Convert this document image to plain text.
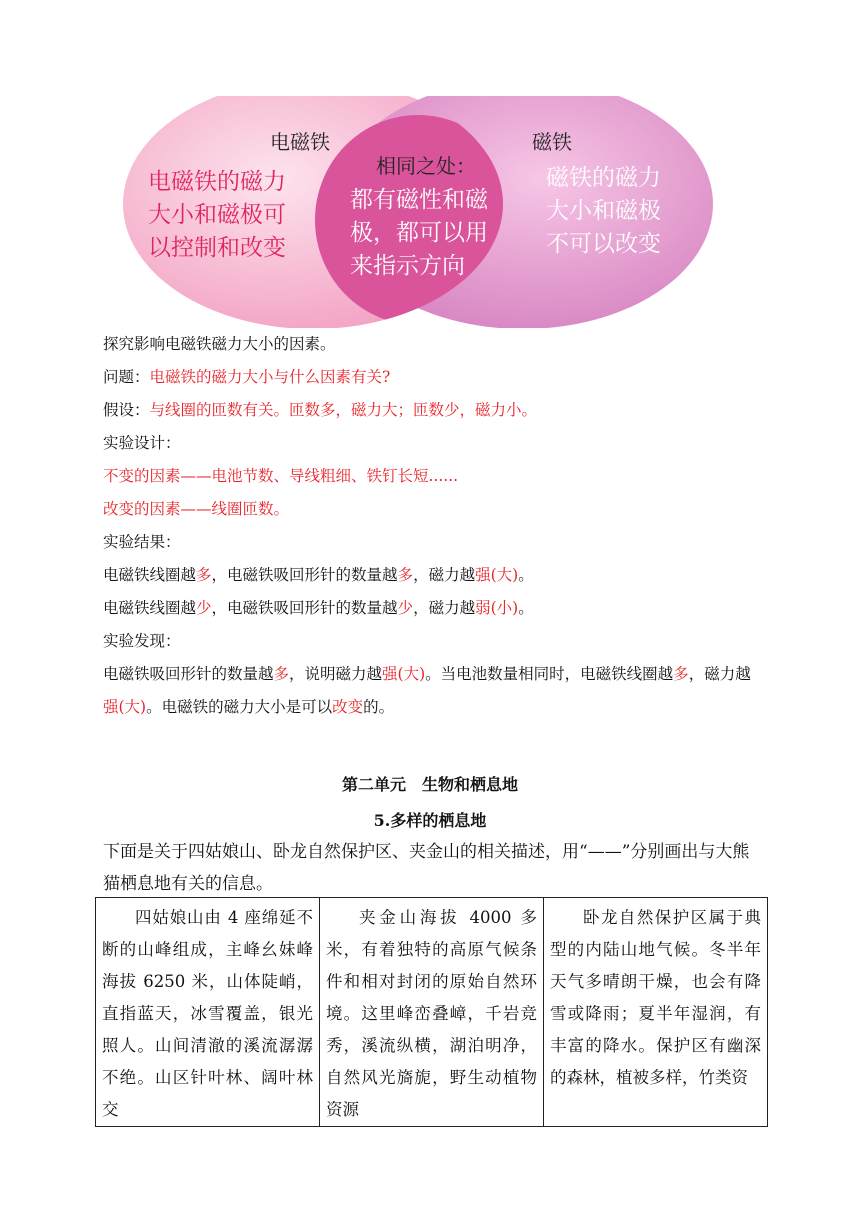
电磁铁
电磁铁的磁力
大小和磁极可
以控制和改变
相同之处：
都有磁性和磁
极，都可以用
来指示方向
磁铁
磁铁的磁力
大小和磁极
不可以改变
探究影响电磁铁磁力大小的因素。
问题：电磁铁的磁力大小与什么因素有关?
假设：与线圈的匝数有关。匝数多，磁力大；匝数少，磁力小。
实验设计：
不变的因素——电池节数、导线粗细、铁钉长短......
改变的因素——线圈匝数。
实验结果：
电磁铁线圈越多，电磁铁吸回形针的数量越多，磁力越强(大)。
电磁铁线圈越少，电磁铁吸回形针的数量越少，磁力越弱(小)。
实验发现：
电磁铁吸回形针的数量越多，说明磁力越强(大)。当电池数量相同时，电磁铁线圈越多，磁力越强(大)。电磁铁的磁力大小是可以改变的。
第二单元　生物和栖息地
5.多样的栖息地
下面是关于四姑娘山、卧龙自然保护区、夹金山的相关描述，用“——”分别画出与大熊猫栖息地有关的信息。
四姑娘山由 4 座绵延不断的山峰组成，主峰幺妹峰海拔 6250 米，山体陡峭，直指蓝天，冰雪覆盖，银光照人。山间清澈的溪流潺潺不绝。山区针叶林、阔叶林交	夹金山海拔 4000 多米，有着独特的高原气候条件和相对封闭的原始自然环境。这里峰峦叠嶂，千岩竞秀，溪流纵横，湖泊明净，自然风光旖旎，野生动植物资源	卧龙自然保护区属于典型的内陆山地气候。冬半年天气多晴朗干燥，也会有降雪或降雨；夏半年湿润，有丰富的降水。保护区有幽深的森林，植被多样，竹类资
